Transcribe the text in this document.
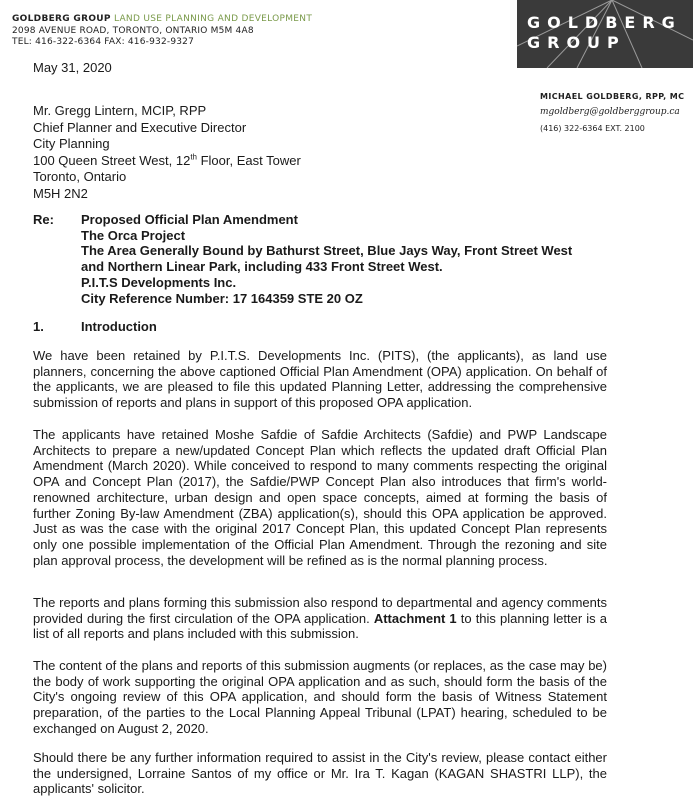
GOLDBERG GROUP LAND USE PLANNING AND DEVELOPMENT
2098 AVENUE ROAD, TORONTO, ONTARIO M5M 4A8
TEL: 416-322-6364 FAX: 416-932-9327
GOLDBERG
GROUP
MICHAEL GOLDBERG, RPP, MC
mgoldberg@goldberggroup.ca
(416) 322-6364 EXT. 2100
May 31, 2020
Mr. Gregg Lintern, MCIP, RPP
Chief Planner and Executive Director
City Planning
100 Queen Street West, 12th Floor, East Tower
Toronto, Ontario
M5H 2N2
Re: Proposed Official Plan Amendment
The Orca Project
The Area Generally Bound by Bathurst Street, Blue Jays Way, Front Street West
and Northern Linear Park, including 433 Front Street West.
P.I.T.S Developments Inc.
City Reference Number: 17 164359 STE 20 OZ
1.	Introduction

We have been retained by P.I.T.S. Developments Inc. (PITS), (the applicants), as land use planners, concerning the above captioned Official Plan Amendment (OPA) application. On behalf of the applicants, we are pleased to file this updated Planning Letter, addressing the comprehensive submission of reports and plans in support of this proposed OPA application.

The applicants have retained Moshe Safdie of Safdie Architects (Safdie) and PWP Landscape Architects to prepare a new/updated Concept Plan which reflects the updated draft Official Plan Amendment (March 2020). While conceived to respond to many comments respecting the original OPA and Concept Plan (2017), the Safdie/PWP Concept Plan also introduces that firm's world-renowned architecture, urban design and open space concepts, aimed at forming the basis of further Zoning By-law Amendment (ZBA) application(s), should this OPA application be approved. Just as was the case with the original 2017 Concept Plan, this updated Concept Plan represents only one possible implementation of the Official Plan Amendment. Through the rezoning and site plan approval process, the development will be refined as is the normal planning process.

The reports and plans forming this submission also respond to departmental and agency comments provided during the first circulation of the OPA application. Attachment 1 to this planning letter is a list of all reports and plans included with this submission.

The content of the plans and reports of this submission augments (or replaces, as the case may be) the body of work supporting the original OPA application and as such, should form the basis of the City's ongoing review of this OPA application, and should form the basis of Witness Statement preparation, of the parties to the Local Planning Appeal Tribunal (LPAT) hearing, scheduled to be exchanged on August 2, 2020.

Should there be any further information required to assist in the City's review, please contact either the undersigned, Lorraine Santos of my office or Mr. Ira T. Kagan (KAGAN SHASTRI LLP), the applicants' solicitor.
